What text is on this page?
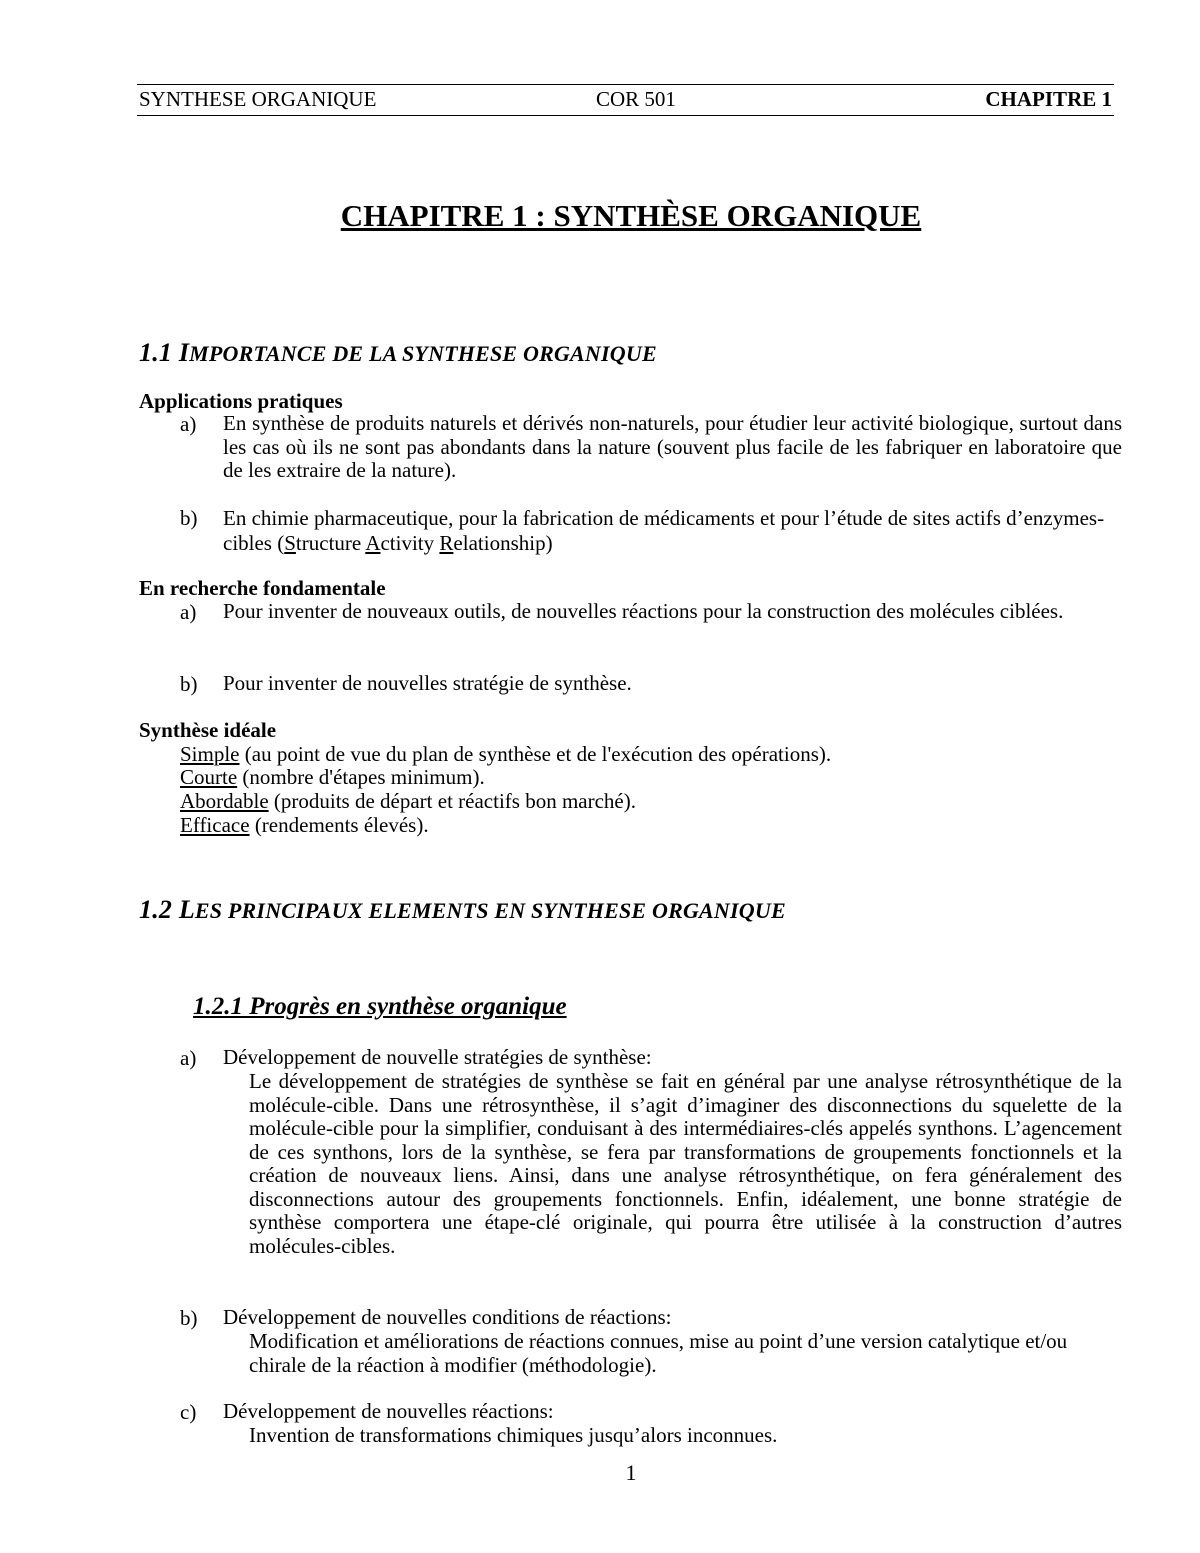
SYNTHESE ORGANIQUE	COR 501	CHAPITRE 1
CHAPITRE 1 : SYNTHÈSE ORGANIQUE
1.1 IMPORTANCE DE LA SYNTHESE ORGANIQUE
Applications pratiques
a) En synthèse de produits naturels et dérivés non-naturels, pour étudier leur activité biologique, surtout dans les cas où ils ne sont pas abondants dans la nature (souvent plus facile de les fabriquer en laboratoire que de les extraire de la nature).
b) En chimie pharmaceutique, pour la fabrication de médicaments et pour l’étude de sites actifs d’enzymes-cibles (Structure Activity Relationship)
En recherche fondamentale
a) Pour inventer de nouveaux outils, de nouvelles réactions pour la construction des molécules ciblées.
b) Pour inventer de nouvelles stratégie de synthèse.
Synthèse idéale
Simple (au point de vue du plan de synthèse et de l'exécution des opérations).
Courte (nombre d'étapes minimum).
Abordable (produits de départ et réactifs bon marché).
Efficace (rendements élevés).
1.2 LES PRINCIPAUX ELEMENTS EN SYNTHESE ORGANIQUE
1.2.1 Progrès en synthèse organique
a) Développement de nouvelle stratégies de synthèse:
Le développement de stratégies de synthèse se fait en général par une analyse rétrosynthétique de la molécule-cible. Dans une rétrosynthèse, il s’agit d’imaginer des disconnections du squelette de la molécule-cible pour la simplifier, conduisant à des intermédiaires-clés appelés synthons. L’agencement de ces synthons, lors de la synthèse, se fera par transformations de groupements fonctionnels et la création de nouveaux liens. Ainsi, dans une analyse rétrosynthétique, on fera généralement des disconnections autour des groupements fonctionnels. Enfin, idéalement, une bonne stratégie de synthèse comportera une étape-clé originale, qui pourra être utilisée à la construction d’autres molécules-cibles.
b) Développement de nouvelles conditions de réactions:
Modification et améliorations de réactions connues, mise au point d’une version catalytique et/ou chirale de la réaction à modifier (méthodologie).
c) Développement de nouvelles réactions:
Invention de transformations chimiques jusqu’alors inconnues.
1
